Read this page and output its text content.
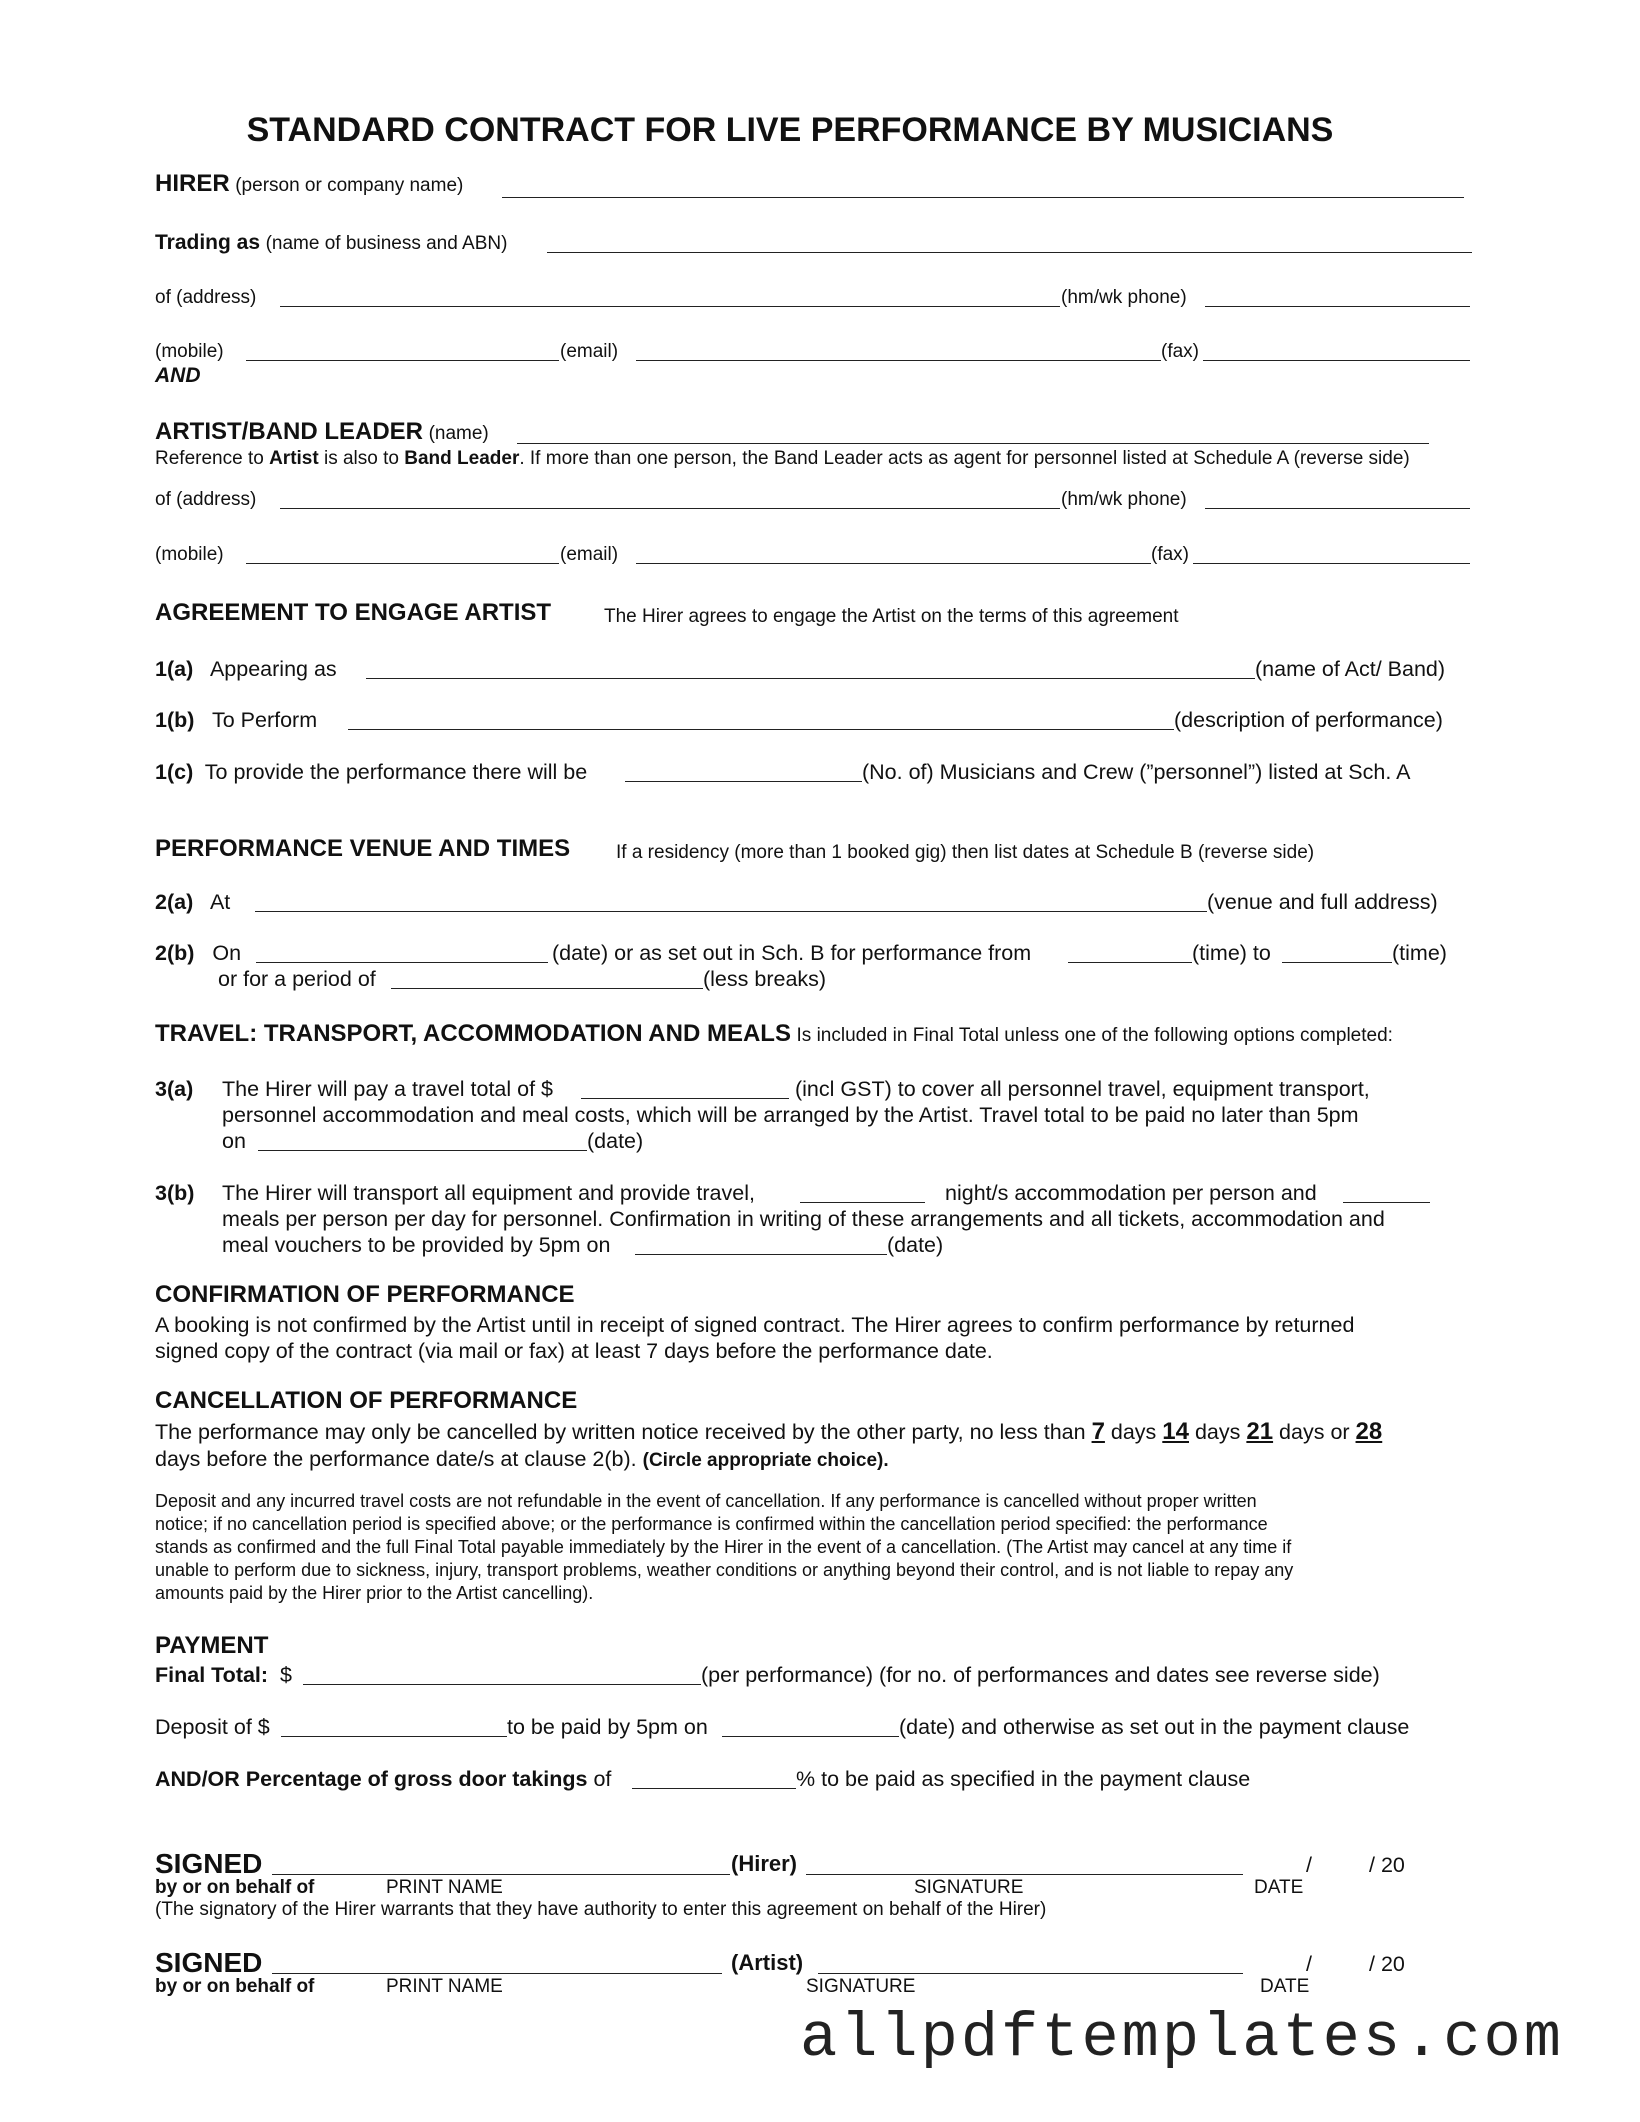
STANDARD CONTRACT FOR LIVE PERFORMANCE BY MUSICIANS
HIRER (person or company name)
Trading as (name of business and ABN)
of (address)	(hm/wk phone)
(mobile)	(email)	(fax)
AND
ARTIST/BAND LEADER (name)
Reference to Artist is also to Band Leader. If more than one person, the Band Leader acts as agent for personnel listed at Schedule A (reverse side)
of (address)	(hm/wk phone)
(mobile)	(email)	(fax)
AGREEMENT TO ENGAGE ARTIST	The Hirer agrees to engage the Artist on the terms of this agreement
1(a) Appearing as	(name of Act/ Band)
1(b) To Perform	(description of performance)
1(c) To provide the performance there will be	(No. of) Musicians and Crew (”personnel”) listed at Sch. A
PERFORMANCE VENUE AND TIMES If a residency (more than 1 booked gig) then list dates at Schedule B (reverse side)
2(a) At	(venue and full address)
2(b) On	(date) or as set out in Sch. B for performance from	(time) to	(time)
or for a period of	(less breaks)
TRAVEL: TRANSPORT, ACCOMMODATION AND MEALS Is included in Final Total unless one of the following options completed:
3(a) The Hirer will pay a travel total of $	(incl GST) to cover all personnel travel, equipment transport,
personnel accommodation and meal costs, which will be arranged by the Artist. Travel total to be paid no later than 5pm
on	(date)
3(b) The Hirer will transport all equipment and provide travel,	night/s accommodation per person and
meals per person per day for personnel. Confirmation in writing of these arrangements and all tickets, accommodation and
meal vouchers to be provided by 5pm on	(date)
CONFIRMATION OF PERFORMANCE
A booking is not confirmed by the Artist until in receipt of signed contract. The Hirer agrees to confirm performance by returned
signed copy of the contract (via mail or fax) at least 7 days before the performance date.
CANCELLATION OF PERFORMANCE
The performance may only be cancelled by written notice received by the other party, no less than 7 days 14 days 21 days or 28
days before the performance date/s at clause 2(b). (Circle appropriate choice).
Deposit and any incurred travel costs are not refundable in the event of cancellation. If any performance is cancelled without proper written
notice; if no cancellation period is specified above; or the performance is confirmed within the cancellation period specified: the performance
stands as confirmed and the full Final Total payable immediately by the Hirer in the event of a cancellation. (The Artist may cancel at any time if
unable to perform due to sickness, injury, transport problems, weather conditions or anything beyond their control, and is not liable to repay any
amounts paid by the Hirer prior to the Artist cancelling).
PAYMENT
Final Total: $	(per performance) (for no. of performances and dates see reverse side)
Deposit of $	to be paid by 5pm on	(date) and otherwise as set out in the payment clause
AND/OR Percentage of gross door takings of	% to be paid as specified in the payment clause
SIGNED	(Hirer)	/	/ 20
by or on behalf of	PRINT NAME	SIGNATURE	DATE
(The signatory of the Hirer warrants that they have authority to enter this agreement on behalf of the Hirer)
SIGNED	(Artist)	/	/ 20
by or on behalf of	PRINT NAME	SIGNATURE	DATE
allpdftemplates.com
